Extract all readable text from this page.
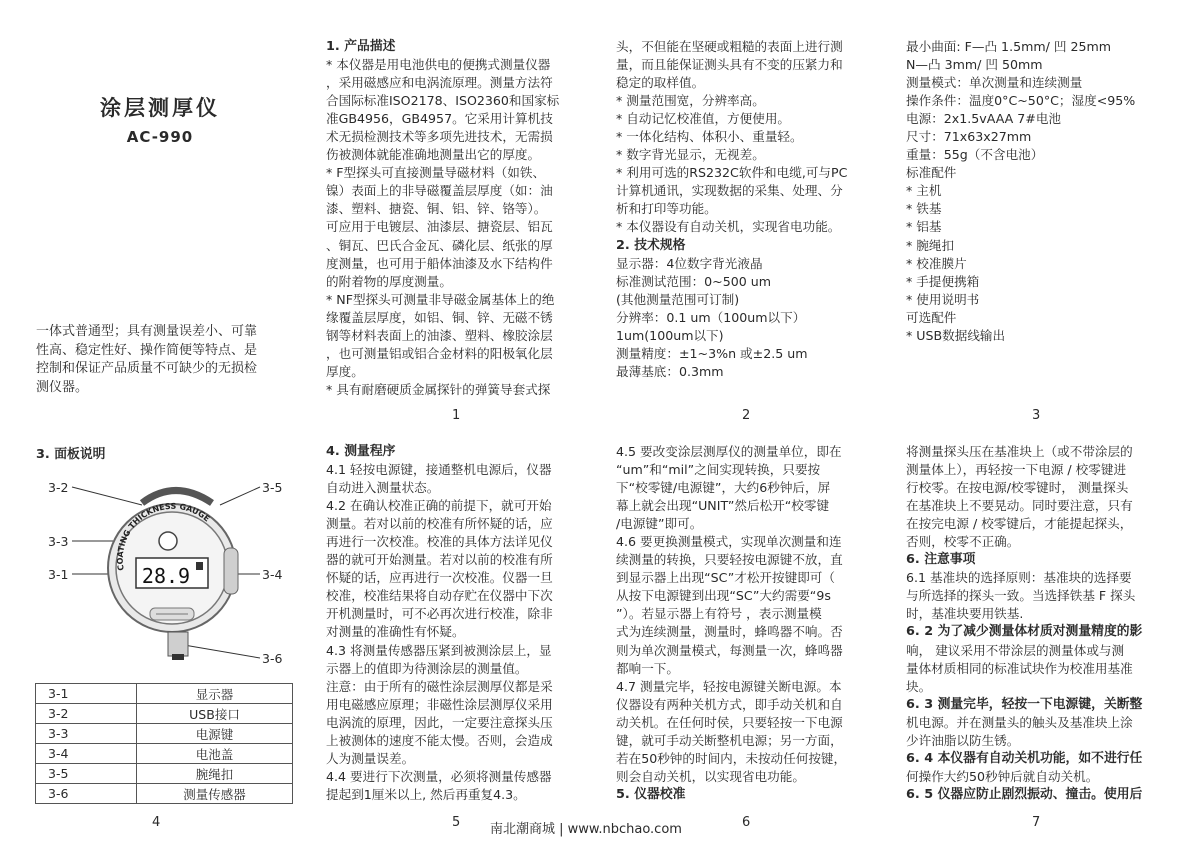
涂层测厚仪
AC-990
一体式普通型；具有测量误差小、可靠
性高、稳定性好、操作简便等特点、是
控制和保证产品质量不可缺少的无损检
测仪器。

1. 产品描述

* 本仪器是用电池供电的便携式测量仪器

，采用磁感应和电涡流原理。测量方法符

合国际标准ISO2178、ISO2360和国家标

准GB4956，GB4957。它采用计算机技

术无损检测技术等多项先进技术，无需损

伤被测体就能准确地测量出它的厚度。

* F型探头可直接测量导磁材料（如铁、

镍）表面上的非导磁覆盖层厚度（如：油

漆、塑料、搪瓷、铜、铝、锌、铬等）。

可应用于电镀层、油漆层、搪瓷层、铝瓦

、铜瓦、巴氏合金瓦、磷化层、纸张的厚

度测量，也可用于船体油漆及水下结构件

的附着物的厚度测量。

* NF型探头可测量非导磁金属基体上的绝

缘覆盖层厚度，如铝、铜、锌、无磁不锈

钢等材料表面上的油漆、塑料、橡胶涂层

，也可测量铝或铝合金材料的阳极氧化层

厚度。

* 具有耐磨硬质金属探针的弹簧导套式探

头，不但能在坚硬或粗糙的表面上进行测

量，而且能保证测头具有不变的压紧力和

稳定的取样值。

* 测量范围宽，分辨率高。

* 自动记忆校准值，方便使用。

* 一体化结构、体积小、重量轻。

* 数字背光显示，无视差。

* 利用可选的RS232C软件和电缆,可与PC

计算机通讯，实现数据的采集、处理、分

析和打印等功能。

* 本仪器设有自动关机，实现省电功能。

2. 技术规格

显示器：4位数字背光液晶

标准测试范围：0~500 um

(其他测量范围可订制)

分辨率：0.1 um（100um以下）

1um(100um以下)

测量精度：±1~3%n 或±2.5 um

最薄基底：0.3mm

最小曲面: F—凸 1.5mm/ 凹 25mm

N—凸 3mm/ 凹 50mm

测量模式：单次测量和连续测量

操作条件：温度0°C~50°C；湿度<95%

电源：2x1.5vAAA 7#电池

尺寸：71x63x27mm

重量：55g（不含电池）

标准配件

* 主机

* 铁基

* 铝基

* 腕绳扣

* 校准膜片

* 手提便携箱

* 使用说明书

可选配件

* USB数据线输出

1	2	3
3. 面板说明
3-2
3-3
3-1
3-5
3-4
3-6
COATING THICKNESS GAUGE
28.9
3-1	显示器
3-2	USB接口
3-3	电源键
3-4	电池盖
3-5	腕绳扣
3-6	测量传感器

4. 测量程序

4.1 轻按电源键，接通整机电源后，仪器

自动进入测量状态。

4.2 在确认校准正确的前提下，就可开始

测量。若对以前的校准有所怀疑的话，应

再进行一次校准。校准的具体方法详见仪

器的就可开始测量。若对以前的校准有所

怀疑的话，应再进行一次校准。仪器一旦

校准，校准结果将自动存贮在仪器中下次

开机测量时，可不必再次进行校准，除非

对测量的准确性有怀疑。

4.3 将测量传感器压紧到被测涂层上，显

示器上的值即为待测涂层的测量值。

注意：由于所有的磁性涂层测厚仪都是采

用电磁感应原理；非磁性涂层测厚仪采用

电涡流的原理，因此，一定要注意探头压

上被测体的速度不能太慢。否则，会造成

人为测量误差。

4.4 要进行下次测量，必须将测量传感器

提起到1厘米以上, 然后再重复4.3。

4.5 要改变涂层测厚仪的测量单位，即在

“um”和“mil”之间实现转换，只要按

下“校零键/电源键”，大约6秒钟后，屏

幕上就会出现“UNIT”然后松开“校零键

/电源键”即可。

4.6 要更换测量模式，实现单次测量和连

续测量的转换，只要轻按电源键不放，直

到显示器上出现“SC”才松开按键即可（

从按下电源键到出现“SC”大约需要“9s

”）。若显示器上有符号 ，表示测量模

式为连续测量，测量时，蜂鸣器不响。否

则为单次测量模式，每测量一次，蜂鸣器

都响一下。

4.7 测量完毕，轻按电源键关断电源。本

仪器设有两种关机方式，即手动关机和自

动关机。在任何时侯，只要轻按一下电源

键，就可手动关断整机电源；另一方面，

若在50秒钟的时间内，未按动任何按键，

则会自动关机，以实现省电功能。

5. 仪器校准

将测量探头压在基准块上（或不带涂层的

测量体上），再轻按一下电源 / 校零键进

行校零。在按电源/校零键时， 测量探头

在基准块上不要晃动。同时要注意，只有

在按完电源 / 校零键后，才能提起探头，

否则，校零不正确。

6. 注意事项

6.1 基准块的选择原则：基准块的选择要

与所选择的探头一致。当选择铁基 F 探头

时，基准块要用铁基.

6. 2 为了减少测量体材质对测量精度的影

响， 建议采用不带涂层的测量体或与测

量体材质相同的标准试块作为校准用基准

块。

6. 3 测量完毕，轻按一下电源键，关断整

机电源。并在测量头的触头及基准块上涂

少许油脂以防生锈。

6. 4 本仪器有自动关机功能，如不进行任

何操作大约50秒钟后就自动关机。

6. 5 仪器应防止剧烈振动、撞击。使用后

4	5	6	7
南北潮商城 | www.nbchao.com
